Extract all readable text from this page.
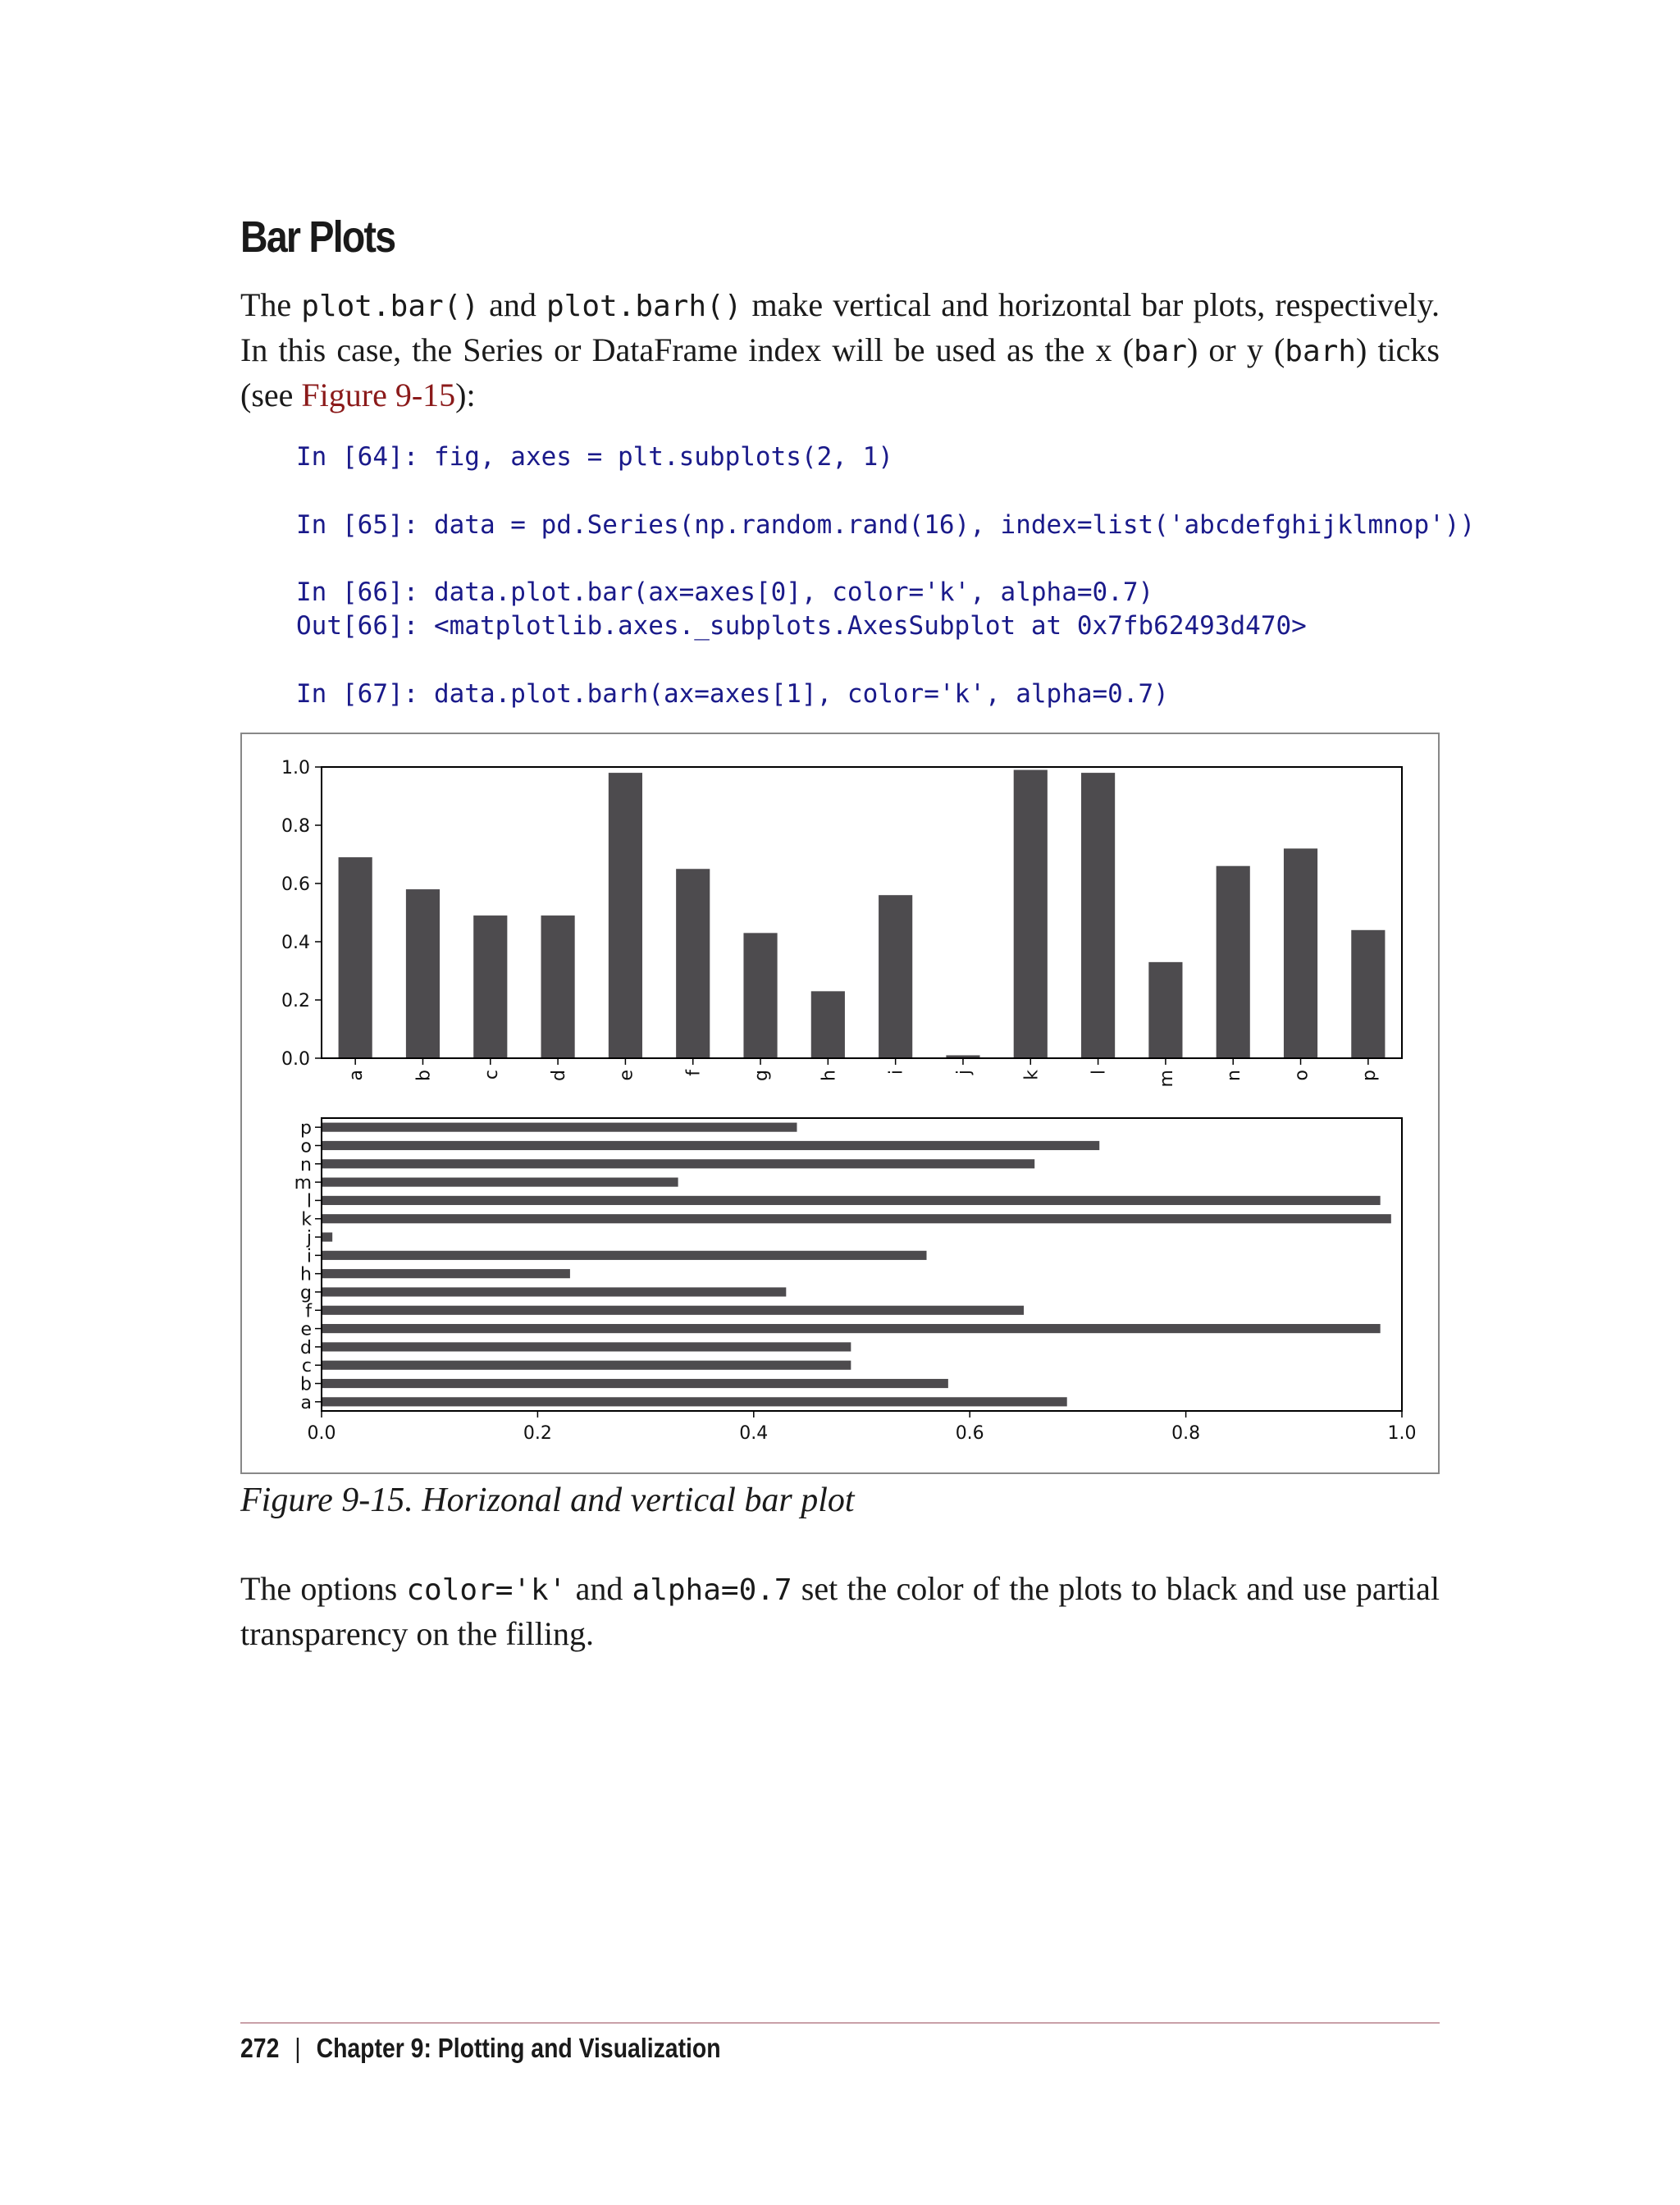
Bar Plots

The plot.bar() and plot.barh() make vertical and horizontal bar plots, respectively. In this case, the Series or DataFrame index will be used as the x (bar) or y (barh) ticks (see Figure 9-15):

In [64]: fig, axes = plt.subplots(2, 1)
In [65]: data = pd.Series(np.random.rand(16), index=list('abcdefghijklmnop'))
In [66]: data.plot.bar(ax=axes[0], color='k', alpha=0.7)
Out[66]: <matplotlib.axes._subplots.AxesSubplot at 0x7fb62493d470>
In [67]: data.plot.barh(ax=axes[1], color='k', alpha=0.7)
a	b	c	d	e	f	g	h	i	j	k	l	m	n	o	p
0.0
0.2
0.4
0.6
0.8
1.0
a
b
c
d
e
f
g
h
i
j
k
l
m
n
o
p
0.0	0.2	0.4	0.6	0.8	1.0

Figure 9-15. Horizonal and vertical bar plot

The options color='k' and alpha=0.7 set the color of the plots to black and use partial transparency on the filling.

272 | Chapter 9: Plotting and Visualization
